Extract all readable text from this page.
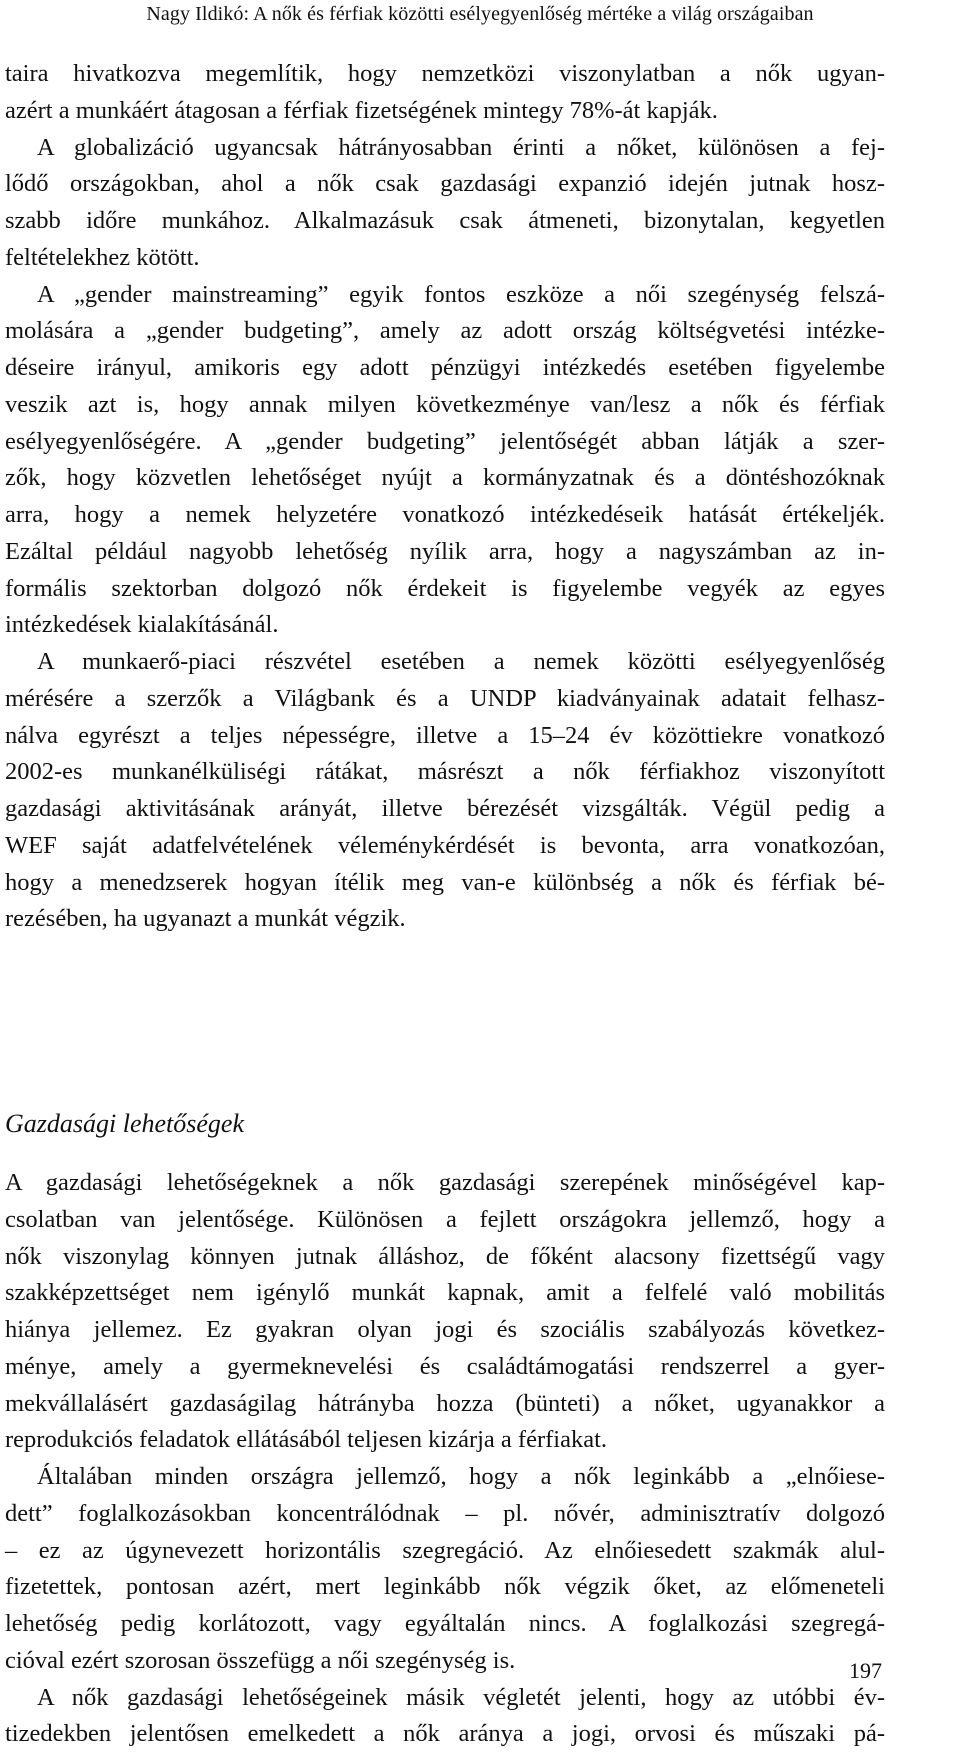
Nagy Ildikó: A nők és férfiak közötti esélyegyenlőség mértéke a világ országaiban
taira hivatkozva megemlítik, hogy nemzetközi viszonylatban a nők ugyan-
azért a munkáért átagosan a férfiak fizetségének mintegy 78%-át kapják.
A globalizáció ugyancsak hátrányosabban érinti a nőket, különösen a fej-
lődő országokban, ahol a nők csak gazdasági expanzió idején jutnak hosz-
szabb időre munkához. Alkalmazásuk csak átmeneti, bizonytalan, kegyetlen
feltételekhez kötött.
A „gender mainstreaming” egyik fontos eszköze a női szegénység felszá-
molására a „gender budgeting”, amely az adott ország költségvetési intézke-
déseire irányul, amikoris egy adott pénzügyi intézkedés esetében figyelembe
veszik azt is, hogy annak milyen következménye van/lesz a nők és férfiak
esélyegyenlőségére. A „gender budgeting” jelentőségét abban látják a szer-
zők, hogy közvetlen lehetőséget nyújt a kormányzatnak és a döntéshozóknak
arra, hogy a nemek helyzetére vonatkozó intézkedéseik hatását értékeljék.
Ezáltal például nagyobb lehetőség nyílik arra, hogy a nagyszámban az in-
formális szektorban dolgozó nők érdekeit is figyelembe vegyék az egyes
intézkedések kialakításánál.
A munkaerő-piaci részvétel esetében a nemek közötti esélyegyenlőség
mérésére a szerzők a Világbank és a UNDP kiadványainak adatait felhasz-
nálva egyrészt a teljes népességre, illetve a 15–24 év közöttiekre vonatkozó
2002-es munkanélküliségi rátákat, másrészt a nők férfiakhoz viszonyított
gazdasági aktivitásának arányát, illetve bérezését vizsgálták. Végül pedig a
WEF saját adatfelvételének véleménykérdését is bevonta, arra vonatkozóan,
hogy a menedzserek hogyan ítélik meg van-e különbség a nők és férfiak bé-
rezésében, ha ugyanazt a munkát végzik.
Gazdasági lehetőségek
A gazdasági lehetőségeknek a nők gazdasági szerepének minőségével kap-
csolatban van jelentősége. Különösen a fejlett országokra jellemző, hogy a
nők viszonylag könnyen jutnak álláshoz, de főként alacsony fizettségű vagy
szakképzettséget nem igénylő munkát kapnak, amit a felfelé való mobilitás
hiánya jellemez. Ez gyakran olyan jogi és szociális szabályozás következ-
ménye, amely a gyermeknevelési és családtámogatási rendszerrel a gyer-
mekvállalásért gazdaságilag hátrányba hozza (bünteti) a nőket, ugyanakkor a
reprodukciós feladatok ellátásából teljesen kizárja a férfiakat.
Általában minden országra jellemző, hogy a nők leginkább a „elnőiese-
dett” foglalkozásokban koncentrálódnak – pl. nővér, adminisztratív dolgozó
– ez az úgynevezett horizontális szegregáció. Az elnőiesedett szakmák alul-
fizetettek, pontosan azért, mert leginkább nők végzik őket, az előmeneteli
lehetőség pedig korlátozott, vagy egyáltalán nincs. A foglalkozási szegregá-
cióval ezért szorosan összefügg a női szegénység is.
A nők gazdasági lehetőségeinek másik végletét jelenti, hogy az utóbbi év-
tizedekben jelentősen emelkedett a nők aránya a jogi, orvosi és műszaki pá-
197
